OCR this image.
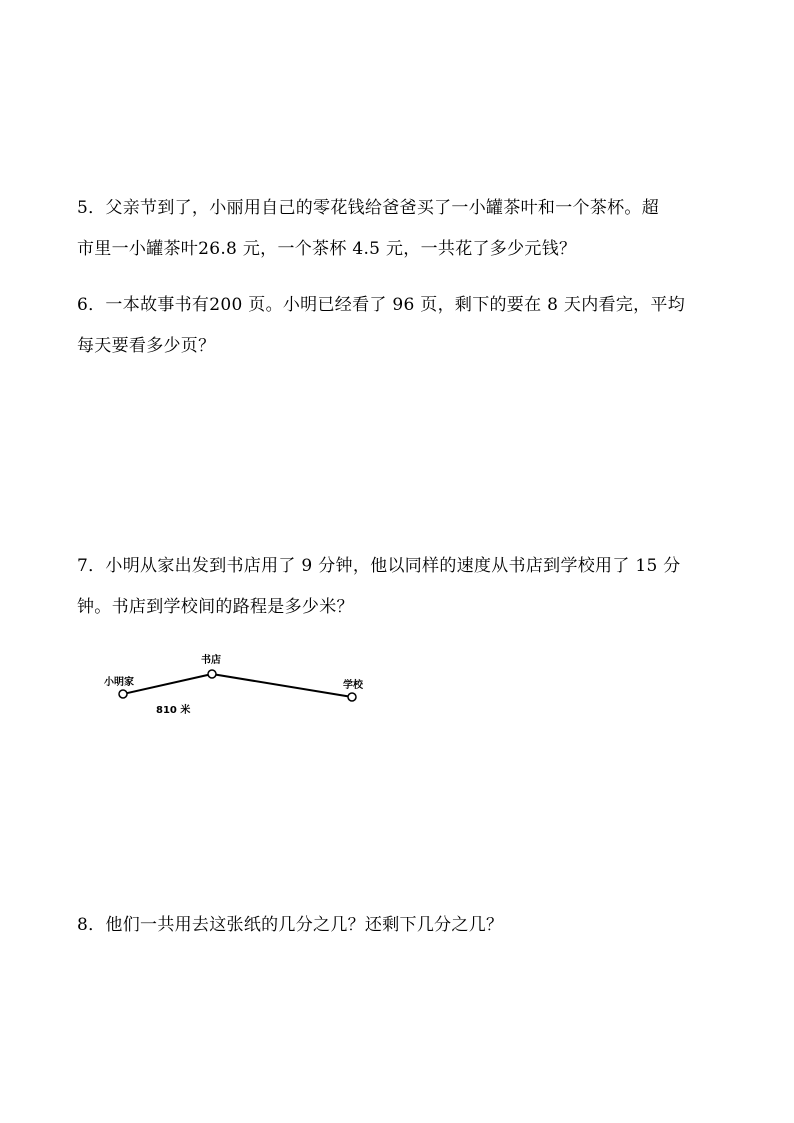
5．父亲节到了，小丽用自己的零花钱给爸爸买了一小罐茶叶和一个茶杯。超
市里一小罐茶叶26.8 元，一个茶杯 4.5 元，一共花了多少元钱？
6．一本故事书有200 页。小明已经看了 96 页，剩下的要在 8 天内看完，平均
每天要看多少页？
7．小明从家出发到书店用了 9 分钟，他以同样的速度从书店到学校用了 15 分
钟。书店到学校间的路程是多少米？
小明家
书店
学校
810 米
8．他们一共用去这张纸的几分之几？还剩下几分之几？
